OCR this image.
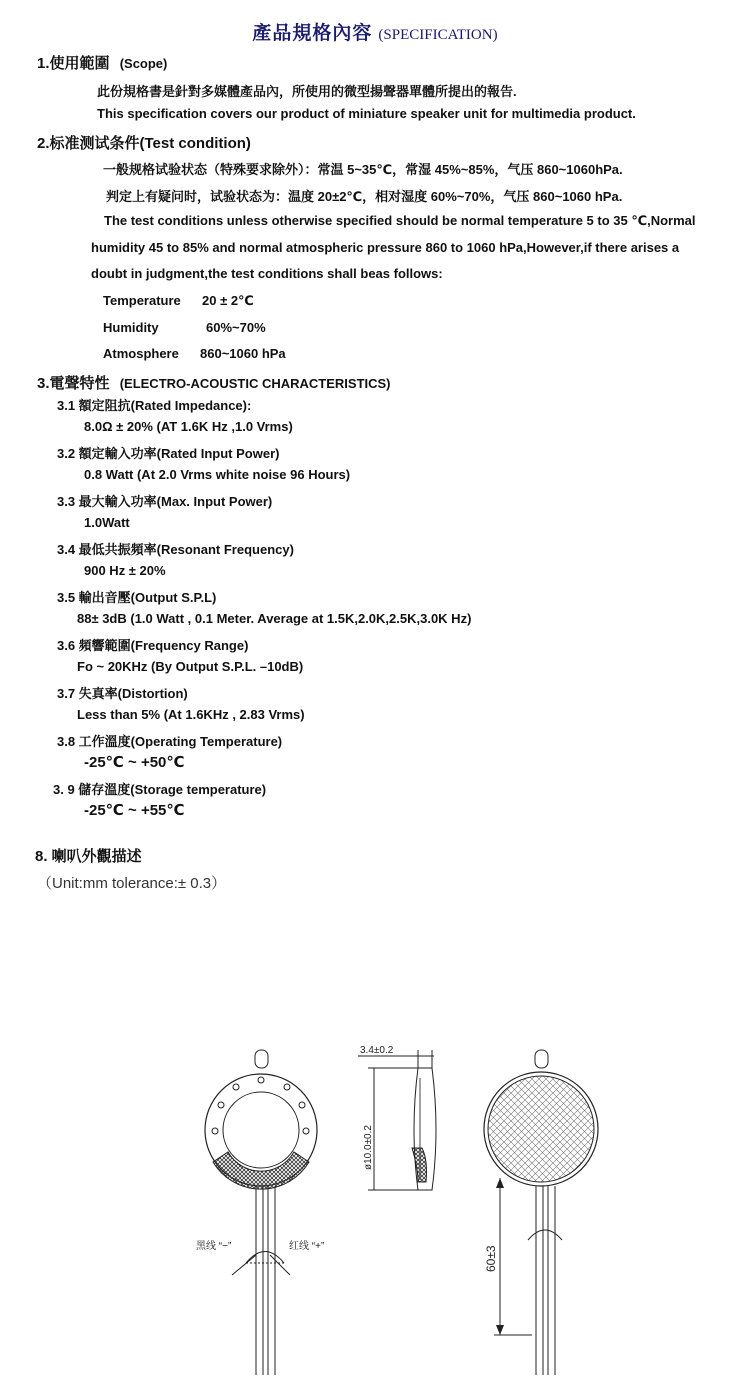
產品規格內容 (SPECIFICATION)
1.使用範圍 (Scope)
此份規格書是針對多媒體產品內，所使用的微型揚聲器單體所提出的報告.
This specification covers our product of miniature speaker unit for multimedia product.
2.标准测试条件(Test condition)
一般规格试验状态（特殊要求除外）：常温 5~35℃，常湿 45%~85%，气压 860~1060hPa.
判定上有疑问时，试验状态为：温度 20±2℃，相对湿度 60%~70%，气压 860~1060 hPa.
The test conditions unless otherwise specified should be normal temperature 5 to 35 ℃,Normal
humidity 45 to 85% and normal atmospheric pressure 860 to 1060 hPa,However,if there arises a
doubt in judgment,the test conditions shall beas follows:
Temperature 20 ± 2℃
Humidity	60%~70%
Atmosphere 860~1060 hPa
3.電聲特性 (ELECTRO-ACOUSTIC CHARACTERISTICS)
3.1 額定阻抗(Rated Impedance):
8.0Ω ± 20% (AT 1.6K Hz ,1.0 Vrms)
3.2 額定輸入功率(Rated Input Power)
0.8 Watt (At 2.0 Vrms white noise 96 Hours)
3.3 最大輸入功率(Max. Input Power)
1.0Watt
3.4 最低共振頻率(Resonant Frequency)
900 Hz ± 20%
3.5 輸出音壓(Output S.P.L)
88± 3dB (1.0 Watt , 0.1 Meter. Average at 1.5K,2.0K,2.5K,3.0K Hz)
3.6 頻響範圍(Frequency Range)
Fo ~ 20KHz (By Output S.P.L. –10dB)
3.7 失真率(Distortion)
Less than 5% (At 1.6KHz , 2.83 Vrms)
3.8 工作溫度(Operating Temperature)
-25℃ ~ +50℃
3. 9 儲存溫度(Storage temperature)
-25℃ ~ +55℃
8. 喇叭外觀描述
（Unit:mm tolerance:± 0.3）
黑线 “−”	红线 “+”
3.4±0.2
ø10.0±0.2
60±3
